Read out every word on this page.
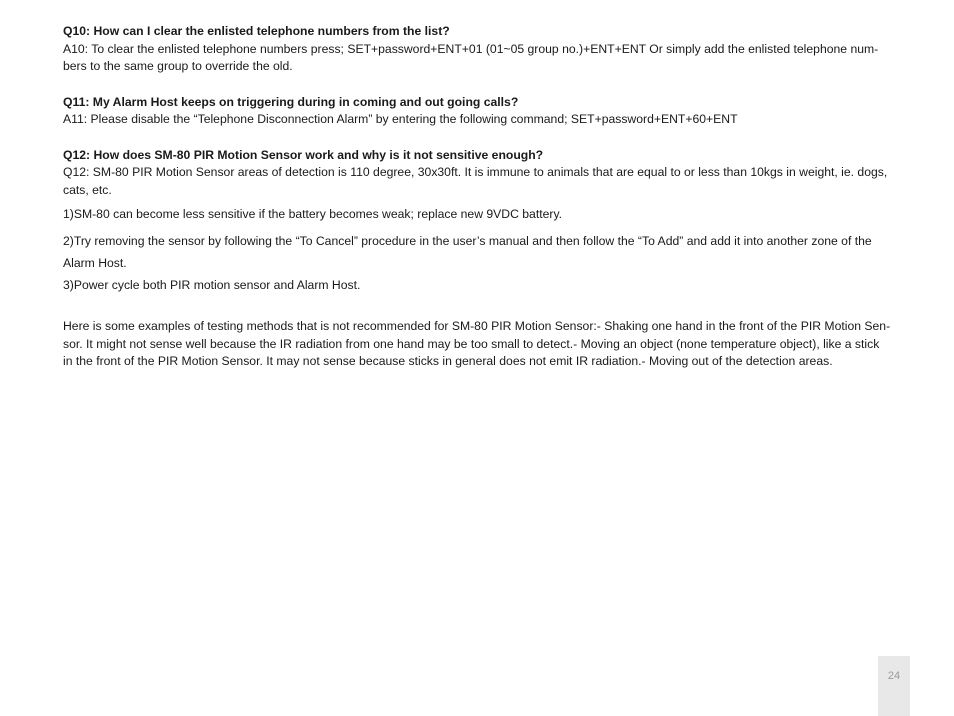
Q10: How can I clear the enlisted telephone numbers from the list?

A10: To clear the enlisted telephone numbers press; SET+password+ENT+01 (01~05 group no.)+ENT+ENT Or simply add the enlisted telephone num-

bers to the same group to override the old.

Q11: My Alarm Host keeps on triggering during in coming and out going calls?

A11: Please disable the “Telephone Disconnection Alarm” by entering the following command; SET+password+ENT+60+ENT

Q12: How does SM-80 PIR Motion Sensor work and why is it not sensitive enough?

Q12: SM-80 PIR Motion Sensor areas of detection is 110 degree, 30x30ft. It is immune to animals that are equal to or less than 10kgs in weight, ie. dogs,

cats, etc.

1)SM-80 can become less sensitive if the battery becomes weak; replace new 9VDC battery.

2)Try removing the sensor by following the “To Cancel” procedure in the user’s manual and then follow the “To Add” and add it into another zone of the

Alarm Host.

3)Power cycle both PIR motion sensor and Alarm Host.

Here is some examples of testing methods that is not recommended for SM-80 PIR Motion Sensor:- Shaking one hand in the front of the PIR Motion Sen-

sor. It might not sense well because the IR radiation from one hand may be too small to detect.- Moving an object (none temperature object), like a stick

in the front of the PIR Motion Sensor. It may not sense because sticks in general does not emit IR radiation.- Moving out of the detection areas.

24
